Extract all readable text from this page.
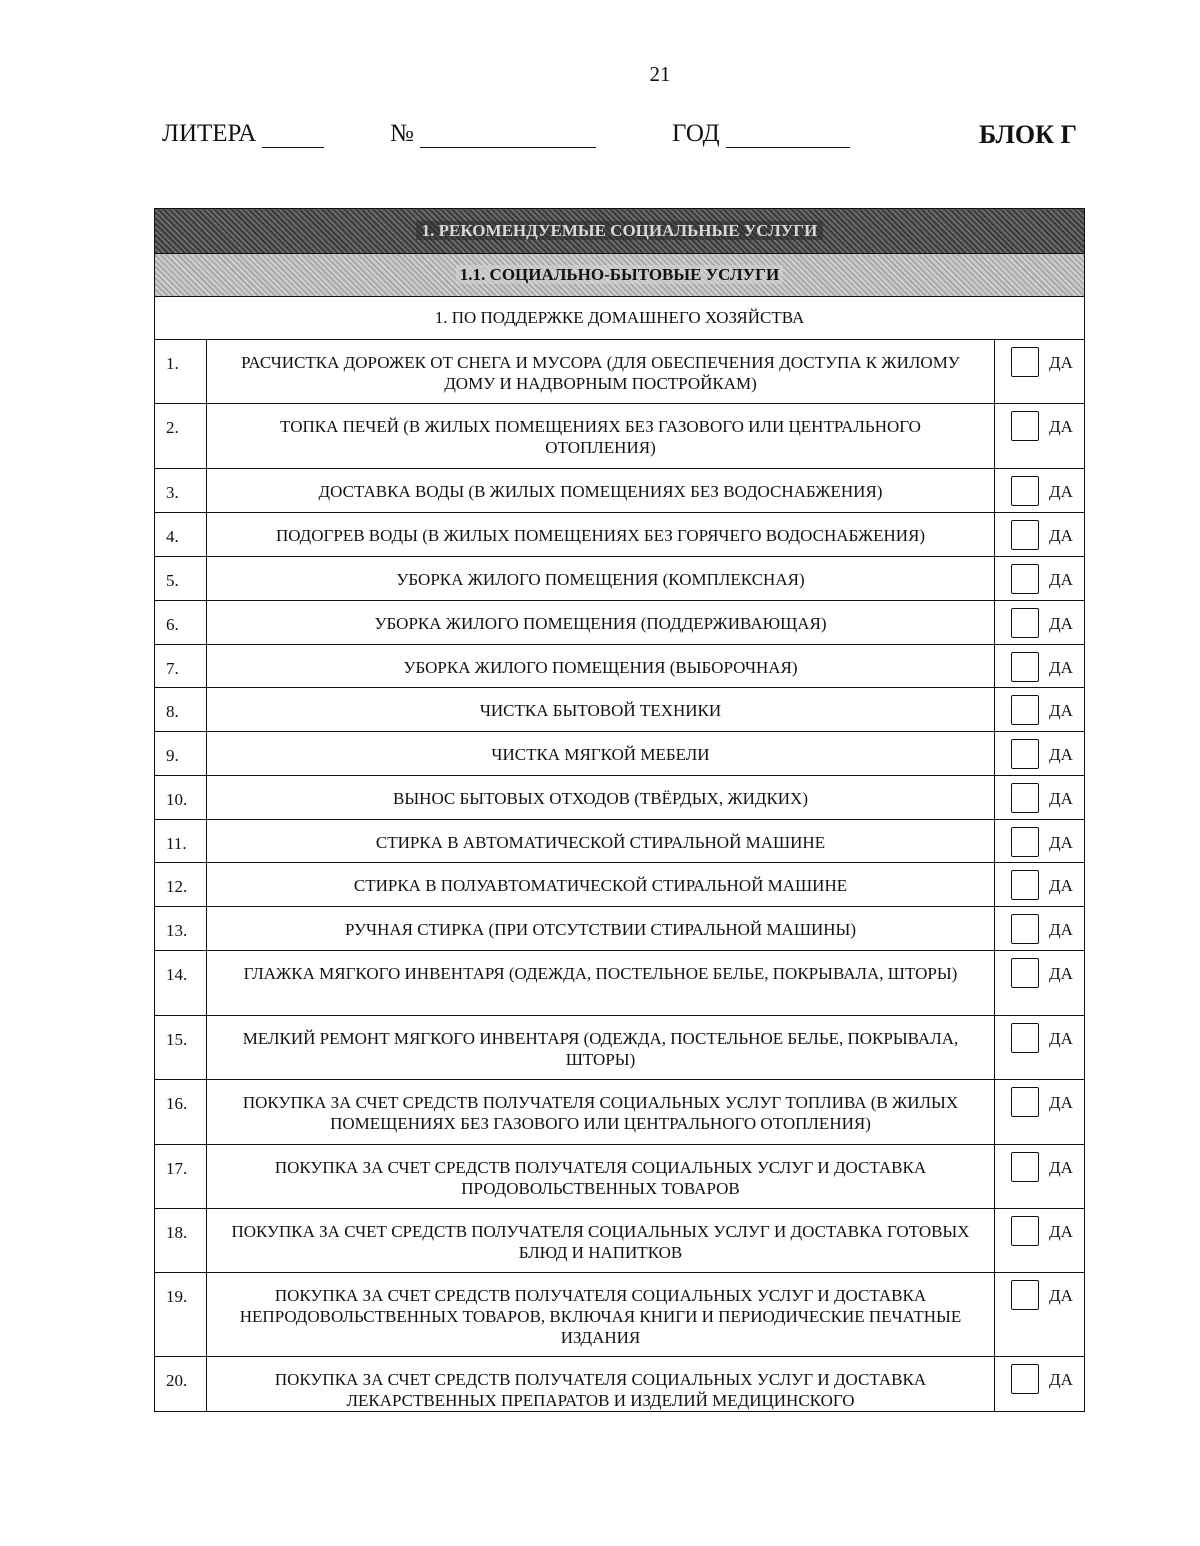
21
ЛИТЕРА	№	ГОД	БЛОК Г
1. РЕКОМЕНДУЕМЫЕ СОЦИАЛЬНЫЕ УСЛУГИ		
1.1. СОЦИАЛЬНО-БЫТОВЫЕ УСЛУГИ		
1. ПО ПОДДЕРЖКЕ ДОМАШНЕГО ХОЗЯЙСТВА		
1.	РАСЧИСТКА ДОРОЖЕК ОТ СНЕГА И МУСОРА (ДЛЯ ОБЕСПЕЧЕНИЯ ДОСТУПА К ЖИЛОМУ ДОМУ И НАДВОРНЫМ ПОСТРОЙКАМ)	ДА

2.	ТОПКА ПЕЧЕЙ (В ЖИЛЫХ ПОМЕЩЕНИЯХ БЕЗ ГАЗОВОГО ИЛИ ЦЕНТРАЛЬНОГО ОТОПЛЕНИЯ)	ДА

3.	ДОСТАВКА ВОДЫ (В ЖИЛЫХ ПОМЕЩЕНИЯХ БЕЗ ВОДОСНАБЖЕНИЯ)	ДА

4.	ПОДОГРЕВ ВОДЫ (В ЖИЛЫХ ПОМЕЩЕНИЯХ БЕЗ ГОРЯЧЕГО ВОДОСНАБЖЕНИЯ)	ДА

5.	УБОРКА ЖИЛОГО ПОМЕЩЕНИЯ (КОМПЛЕКСНАЯ)	ДА

6.	УБОРКА ЖИЛОГО ПОМЕЩЕНИЯ (ПОДДЕРЖИВАЮЩАЯ)	ДА

7.	УБОРКА ЖИЛОГО ПОМЕЩЕНИЯ (ВЫБОРОЧНАЯ)	ДА

8.	ЧИСТКА БЫТОВОЙ ТЕХНИКИ	ДА

9.	ЧИСТКА МЯГКОЙ МЕБЕЛИ	ДА

10.	ВЫНОС БЫТОВЫХ ОТХОДОВ (ТВЁРДЫХ, ЖИДКИХ)	ДА

11.	СТИРКА В АВТОМАТИЧЕСКОЙ СТИРАЛЬНОЙ МАШИНЕ	ДА

12.	СТИРКА В ПОЛУАВТОМАТИЧЕСКОЙ СТИРАЛЬНОЙ МАШИНЕ	ДА

13.	РУЧНАЯ СТИРКА (ПРИ ОТСУТСТВИИ СТИРАЛЬНОЙ МАШИНЫ)	ДА

14.	ГЛАЖКА МЯГКОГО ИНВЕНТАРЯ (ОДЕЖДА, ПОСТЕЛЬНОЕ БЕЛЬЕ, ПОКРЫВАЛА, ШТОРЫ)	ДА

15.	МЕЛКИЙ РЕМОНТ МЯГКОГО ИНВЕНТАРЯ (ОДЕЖДА, ПОСТЕЛЬНОЕ БЕЛЬЕ, ПОКРЫВАЛА, ШТОРЫ)	ДА

16.	ПОКУПКА ЗА СЧЕТ СРЕДСТВ ПОЛУЧАТЕЛЯ СОЦИАЛЬНЫХ УСЛУГ ТОПЛИВА (В ЖИЛЫХ ПОМЕЩЕНИЯХ БЕЗ ГАЗОВОГО ИЛИ ЦЕНТРАЛЬНОГО ОТОПЛЕНИЯ)	ДА

17.	ПОКУПКА ЗА СЧЕТ СРЕДСТВ ПОЛУЧАТЕЛЯ СОЦИАЛЬНЫХ УСЛУГ И ДОСТАВКА ПРОДОВОЛЬСТВЕННЫХ ТОВАРОВ	ДА

18.	ПОКУПКА ЗА СЧЕТ СРЕДСТВ ПОЛУЧАТЕЛЯ СОЦИАЛЬНЫХ УСЛУГ И ДОСТАВКА ГОТОВЫХ БЛЮД И НАПИТКОВ	ДА

19.	ПОКУПКА ЗА СЧЕТ СРЕДСТВ ПОЛУЧАТЕЛЯ СОЦИАЛЬНЫХ УСЛУГ И ДОСТАВКА НЕПРОДОВОЛЬСТВЕННЫХ ТОВАРОВ, ВКЛЮЧАЯ КНИГИ И ПЕРИОДИЧЕСКИЕ ПЕЧАТНЫЕ ИЗДАНИЯ	ДА

20.	ПОКУПКА ЗА СЧЕТ СРЕДСТВ ПОЛУЧАТЕЛЯ СОЦИАЛЬНЫХ УСЛУГ И ДОСТАВКА ЛЕКАРСТВЕННЫХ ПРЕПАРАТОВ И ИЗДЕЛИЙ МЕДИЦИНСКОГО	ДА
